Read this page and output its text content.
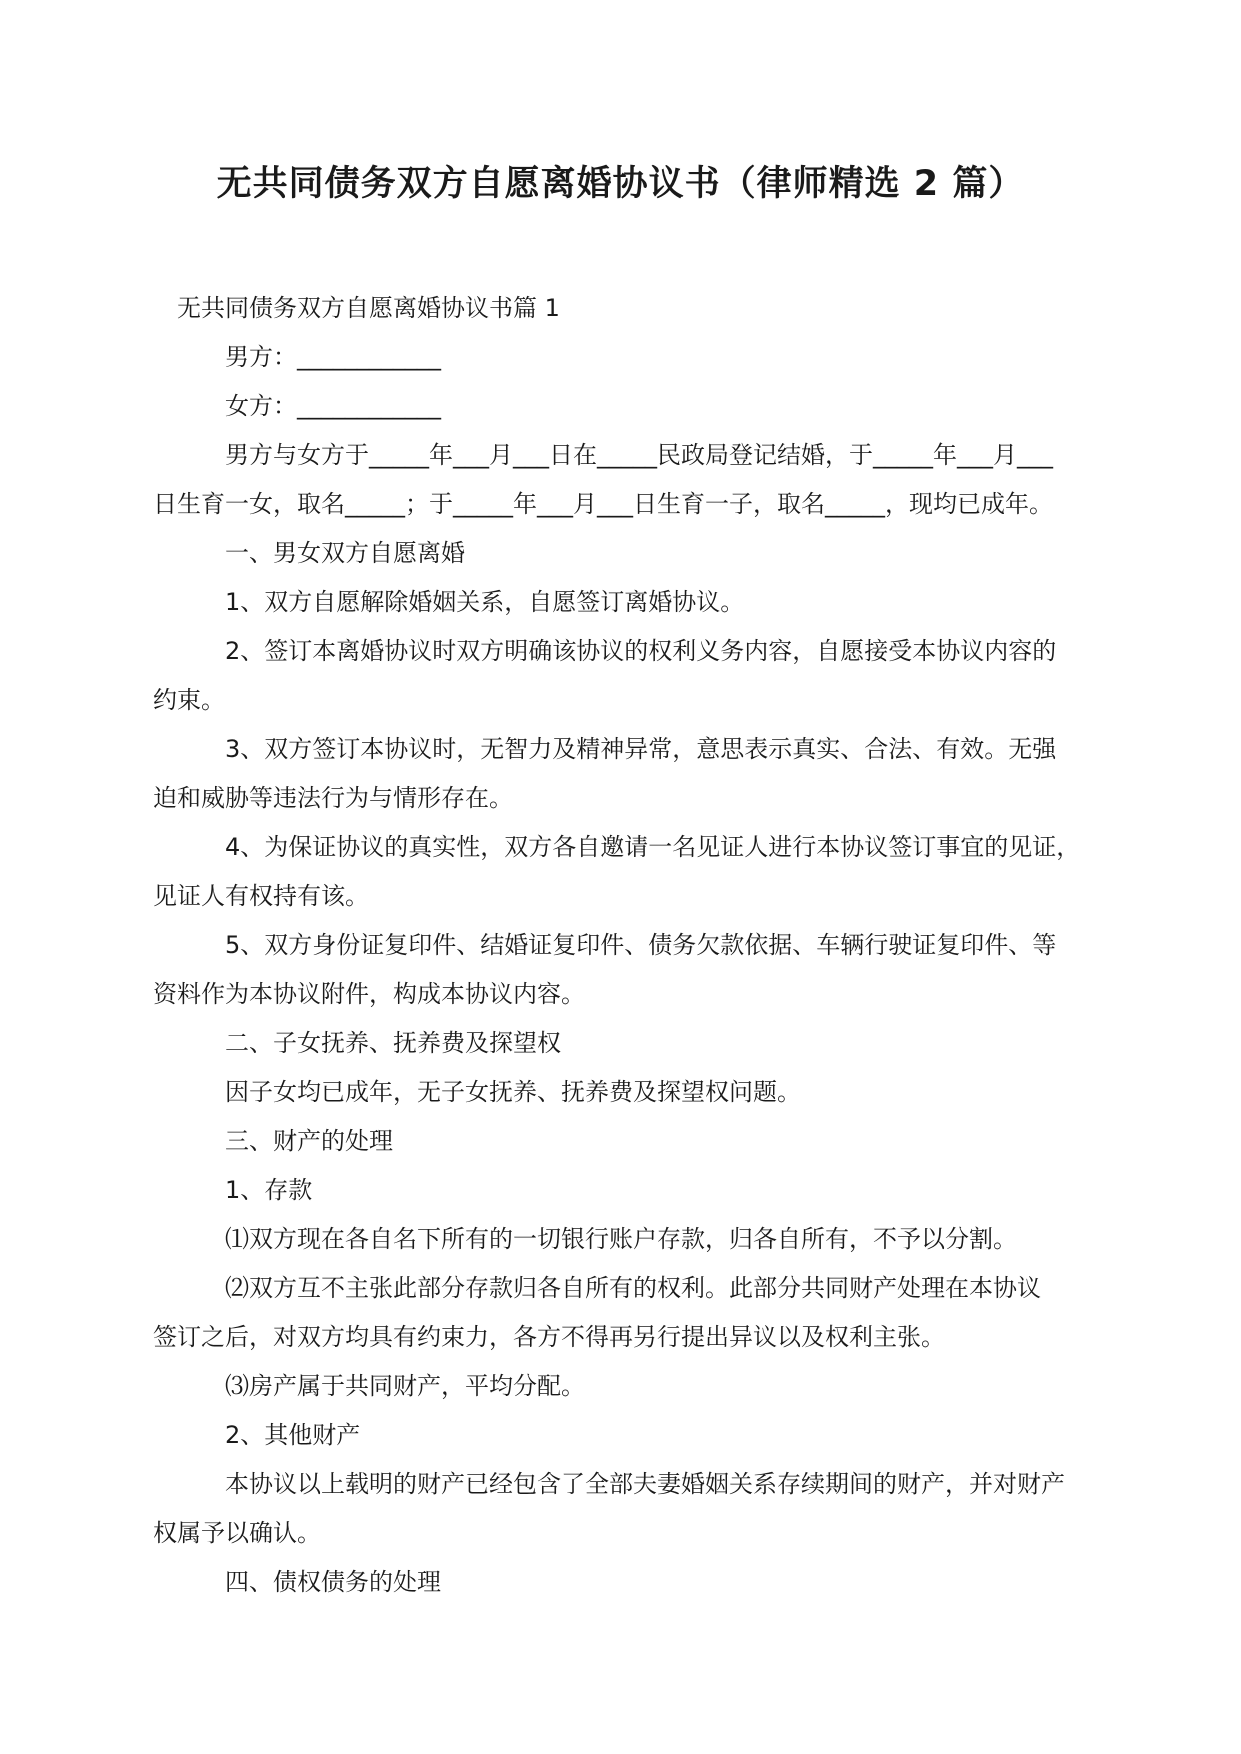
无共同债务双方自愿离婚协议书（律师精选 2 篇）

无共同债务双方自愿离婚协议书篇 1

男方：____________

女方：____________

男方与女方于_____年___月___日在_____民政局登记结婚，于_____年___月___

日生育一女，取名_____；于_____年___月___日生育一子，取名_____，现均已成年。

一、男女双方自愿离婚

1、双方自愿解除婚姻关系，自愿签订离婚协议。

2、签订本离婚协议时双方明确该协议的权利义务内容，自愿接受本协议内容的

约束。

3、双方签订本协议时，无智力及精神异常，意思表示真实、合法、有效。无强

迫和威胁等违法行为与情形存在。

4、为保证协议的真实性，双方各自邀请一名见证人进行本协议签订事宜的见证，

见证人有权持有该。

5、双方身份证复印件、结婚证复印件、债务欠款依据、车辆行驶证复印件、等

资料作为本协议附件，构成本协议内容。

二、子女抚养、抚养费及探望权

因子女均已成年，无子女抚养、抚养费及探望权问题。

三、财产的处理

1、存款

⑴双方现在各自名下所有的一切银行账户存款，归各自所有，不予以分割。

⑵双方互不主张此部分存款归各自所有的权利。此部分共同财产处理在本协议

签订之后，对双方均具有约束力，各方不得再另行提出异议以及权利主张。

⑶房产属于共同财产，平均分配。

2、其他财产

本协议以上载明的财产已经包含了全部夫妻婚姻关系存续期间的财产，并对财产

权属予以确认。

四、债权债务的处理
